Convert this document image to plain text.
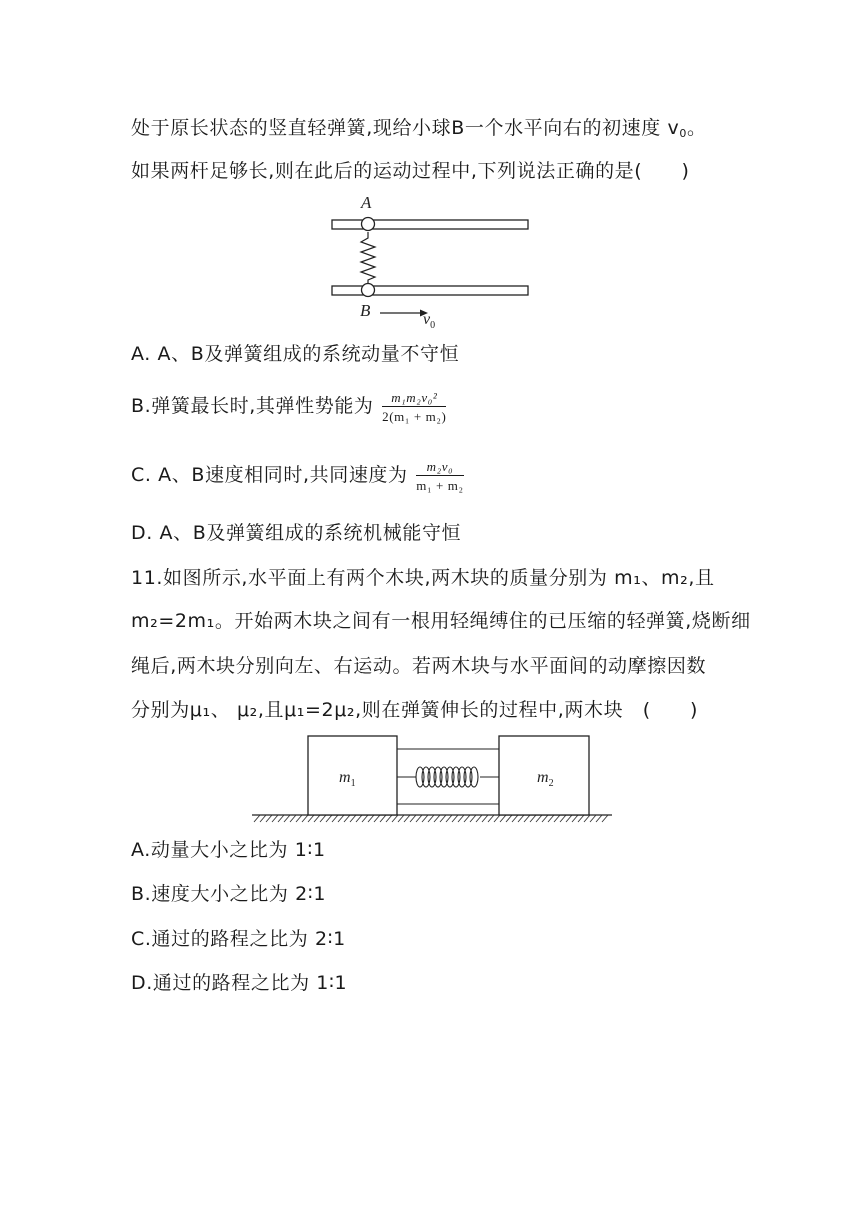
处于原长状态的竖直轻弹簧,现给小球B一个水平向右的初速度 $v_0$。
如果两杆足够长,则在此后的运动过程中,下列说法正确的是(　　)
A
B	$v_0$
A. A、B及弹簧组成的系统动量不守恒
B.弹簧最长时,其弹性势能为 $\frac{\text{m₁m₂v₀²}}{\text{2(m₁ + m₂)}}$
C. A、B速度相同时,共同速度为 $\frac{\text{m₂v₀}}{\text{m₁ + m₂}}$
D. A、B及弹簧组成的系统机械能守恒
11.如图所示,水平面上有两个木块,两木块的质量分别为 m₁、m₂,且
m₂=2m₁。开始两木块之间有一根用轻绳缚住的已压缩的轻弹簧,烧断细
绳后,两木块分别向左、右运动。若两木块与水平面间的动摩擦因数
分别为μ₁、 μ₂,且μ₁=2μ₂,则在弹簧伸长的过程中,两木块　(　　)
$m_1$	$m_2$
A.动量大小之比为 1∶1
B.速度大小之比为 2∶1
C.通过的路程之比为 2∶1
D.通过的路程之比为 1∶1
